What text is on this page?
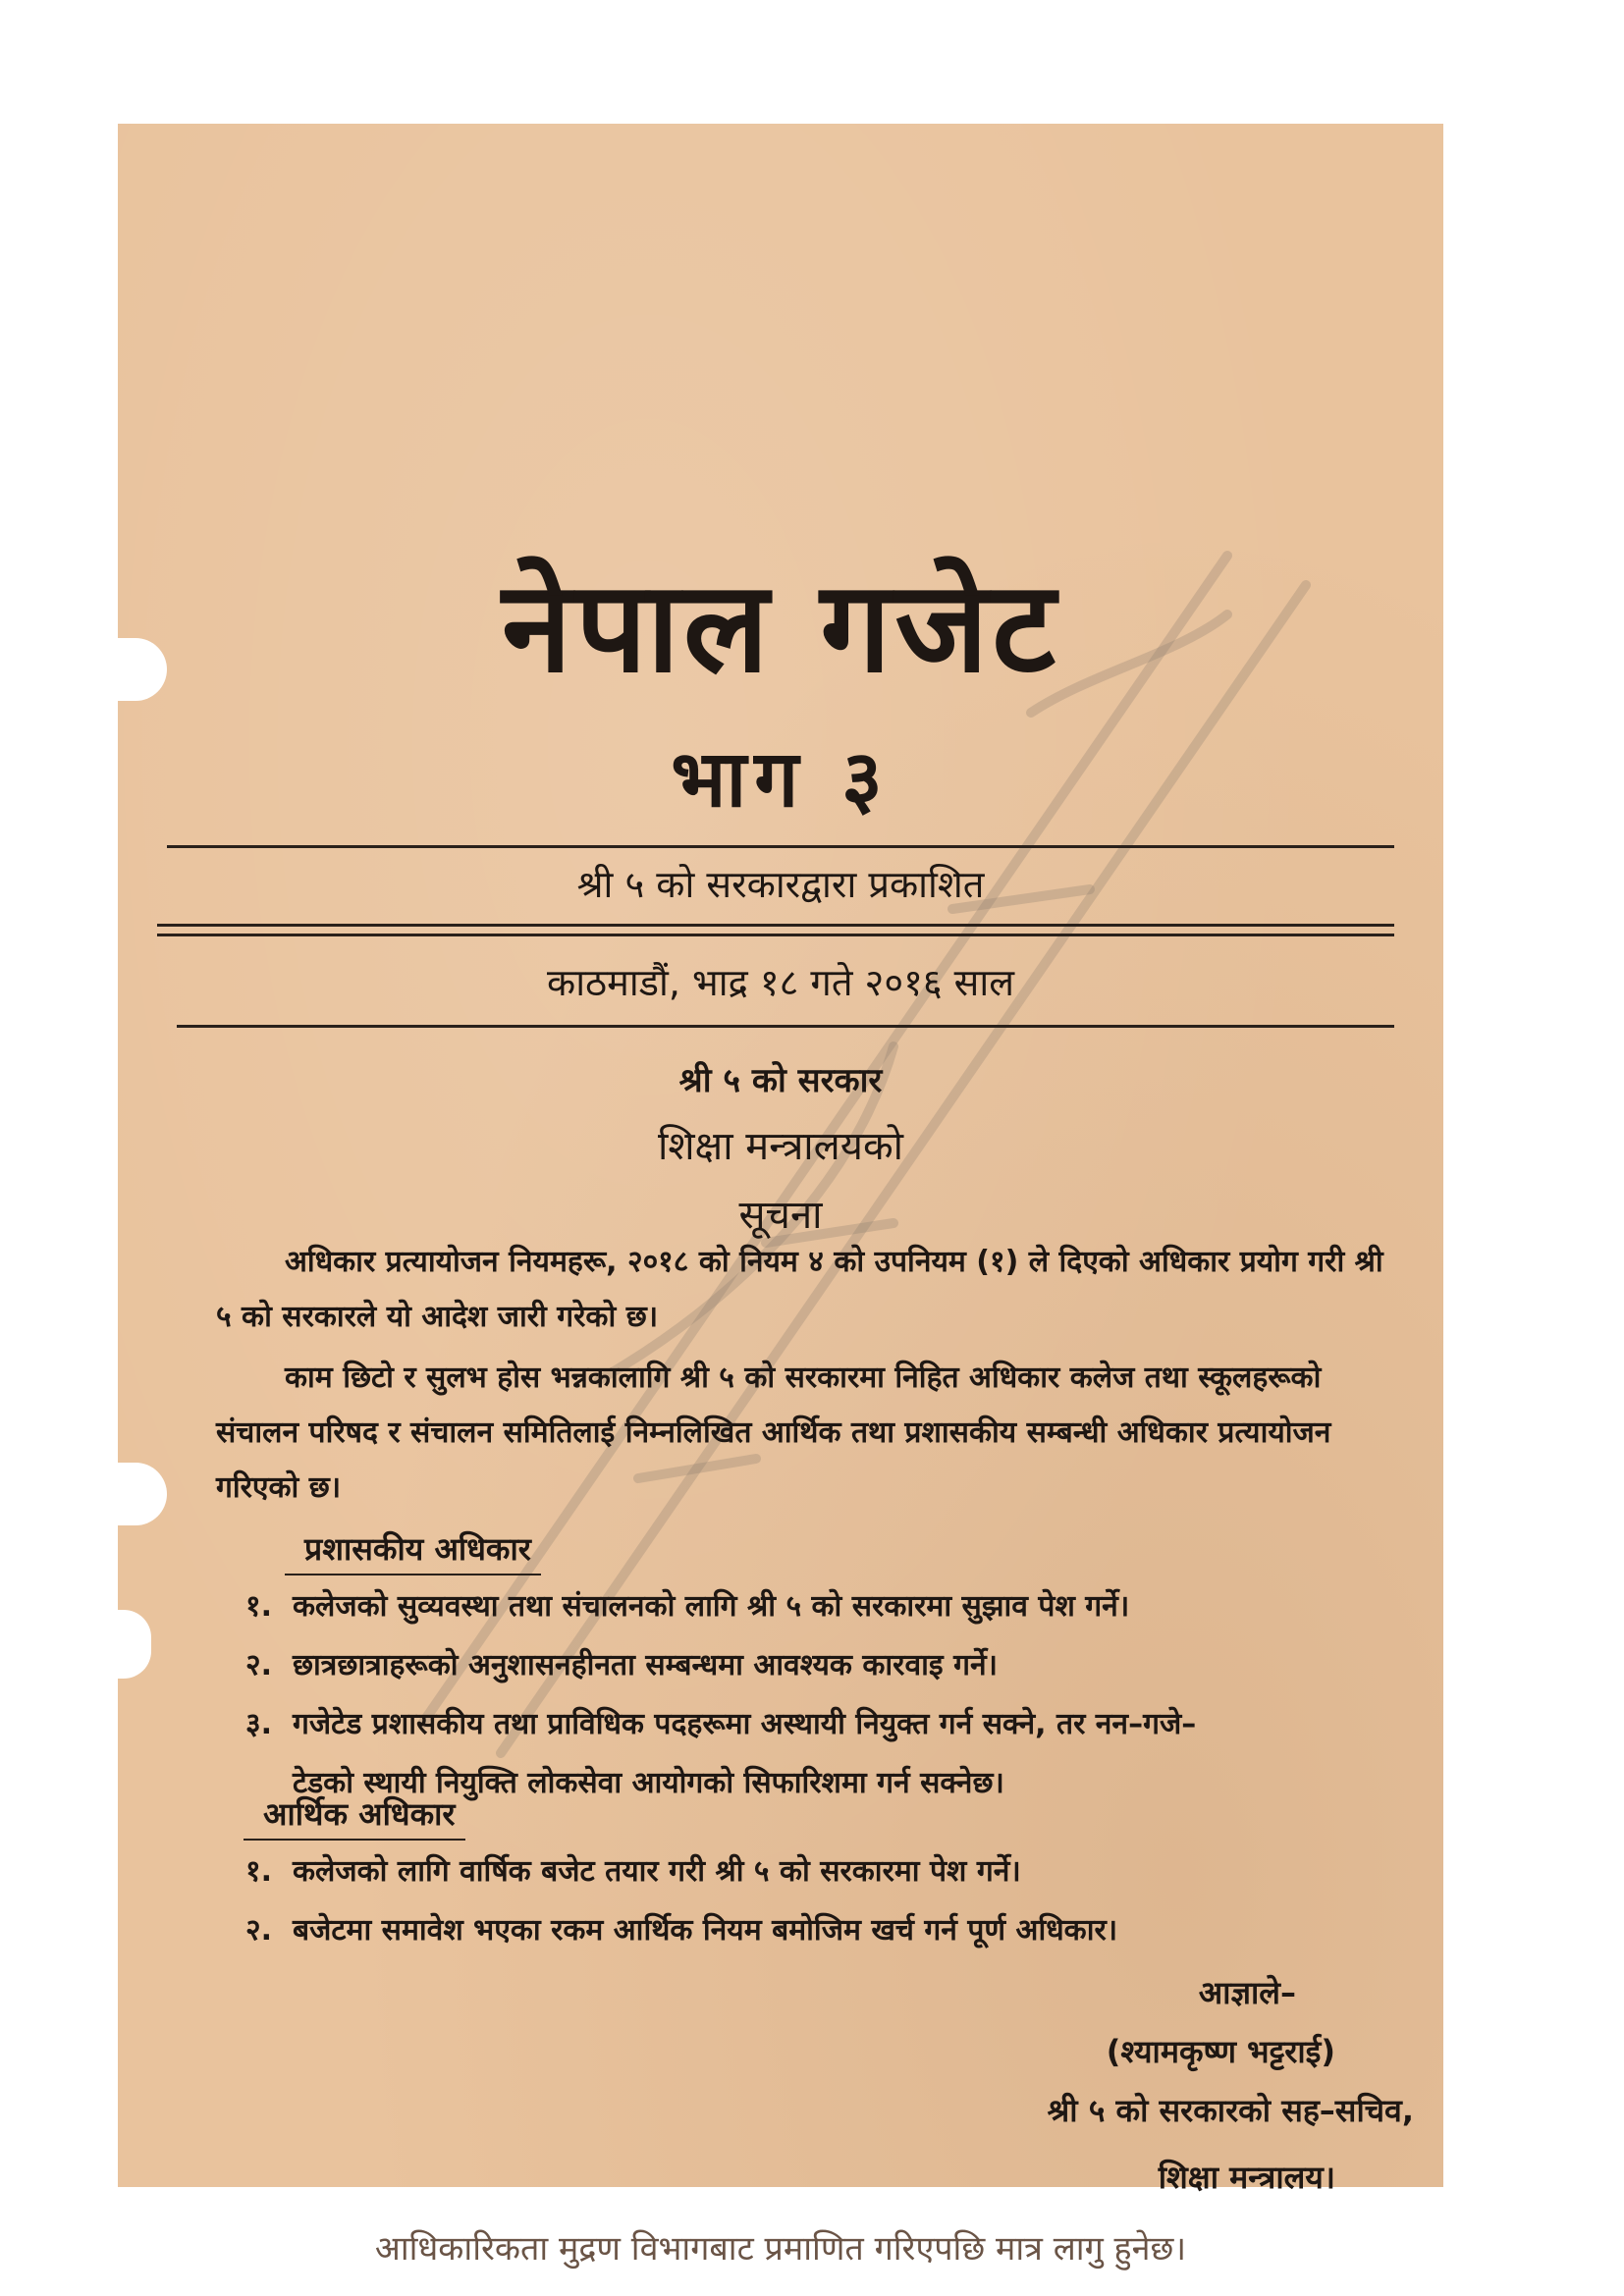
नेपाल गजेट
भाग ३
श्री ५ को सरकारद्वारा प्रकाशित
काठमाडौं, भाद्र १८ गते २०१६ साल
श्री ५ को सरकार
शिक्षा मन्त्रालयको
सूचना

अधिकार प्रत्यायोजन नियमहरू, २०१८ को नियम ४ को उपनियम (१) ले दिएको अधिकार प्रयोग गरी श्री ५ को सरकारले यो आदेश जारी गरेको छ।

काम छिटो र सुलभ होस भन्नकालागि श्री ५ को सरकारमा निहित अधिकार कलेज तथा स्कूलहरूको संचालन परिषद र संचालन समितिलाई निम्नलिखित आर्थिक तथा प्रशासकीय सम्बन्धी अधिकार प्रत्यायोजन गरिएको छ।

प्रशासकीय अधिकार
१. कलेजको सुव्यवस्था तथा संचालनको लागि श्री ५ को सरकारमा सुझाव पेश गर्ने।
२. छात्रछात्राहरूको अनुशासनहीनता सम्बन्धमा आवश्यक कारवाइ गर्ने।
३. गजेटेड प्रशासकीय तथा प्राविधिक पदहरूमा अस्थायी नियुक्त गर्न सक्ने, तर नन–गजे–
टेडको स्थायी नियुक्ति लोकसेवा आयोगको सिफारिशमा गर्न सक्नेछ।
आर्थिक अधिकार
१. कलेजको लागि वार्षिक बजेट तयार गरी श्री ५ को सरकारमा पेश गर्ने।
२. बजेटमा समावेश भएका रकम आर्थिक नियम बमोजिम खर्च गर्न पूर्ण अधिकार।
आज्ञाले–
(श्यामकृष्ण भट्टराई)
श्री ५ को सरकारको सह–सचिव,
शिक्षा मन्त्रालय।
आधिकारिकता मुद्रण विभागबाट प्रमाणित गरिएपछि मात्र लागु हुनेछ।
